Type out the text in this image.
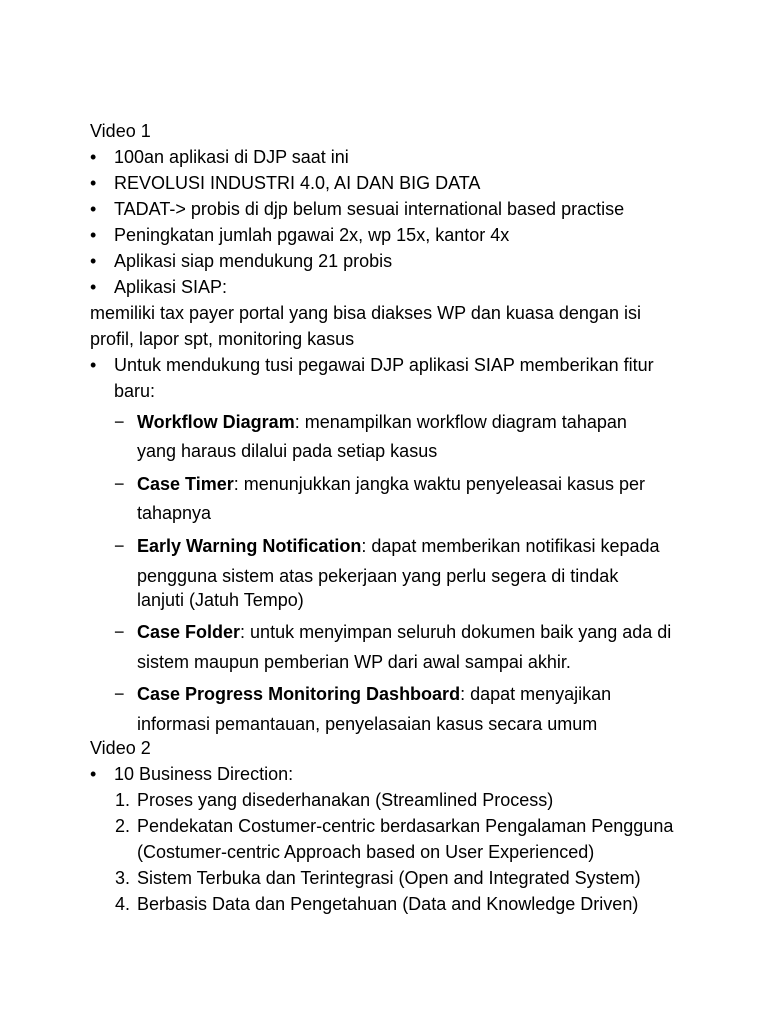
Video 1
• 100an aplikasi di DJP saat ini
• REVOLUSI INDUSTRI 4.0, AI DAN BIG DATA
• TADAT-> probis di djp belum sesuai international based practise
• Peningkatan jumlah pgawai 2x, wp 15x, kantor 4x
• Aplikasi siap mendukung 21 probis
• Aplikasi SIAP:
memiliki tax payer portal yang bisa diakses WP dan kuasa dengan isi
profil, lapor spt, monitoring kasus
• Untuk mendukung tusi pegawai DJP aplikasi SIAP memberikan fitur
baru:
− Workflow Diagram: menampilkan workflow diagram tahapan
yang haraus dilalui pada setiap kasus
− Case Timer: menunjukkan jangka waktu penyeleasai kasus per
tahapnya
− Early Warning Notification: dapat memberikan notifikasi kepada
pengguna sistem atas pekerjaan yang perlu segera di tindak
lanjuti (Jatuh Tempo)
− Case Folder: untuk menyimpan seluruh dokumen baik yang ada di
sistem maupun pemberian WP dari awal sampai akhir.
− Case Progress Monitoring Dashboard: dapat menyajikan
informasi pemantauan, penyelasaian kasus secara umum
Video 2
• 10 Business Direction:
1. Proses yang disederhanakan (Streamlined Process)
2. Pendekatan Costumer-centric berdasarkan Pengalaman Pengguna
(Costumer-centric Approach based on User Experienced)
3. Sistem Terbuka dan Terintegrasi (Open and Integrated System)
4. Berbasis Data dan Pengetahuan (Data and Knowledge Driven)
